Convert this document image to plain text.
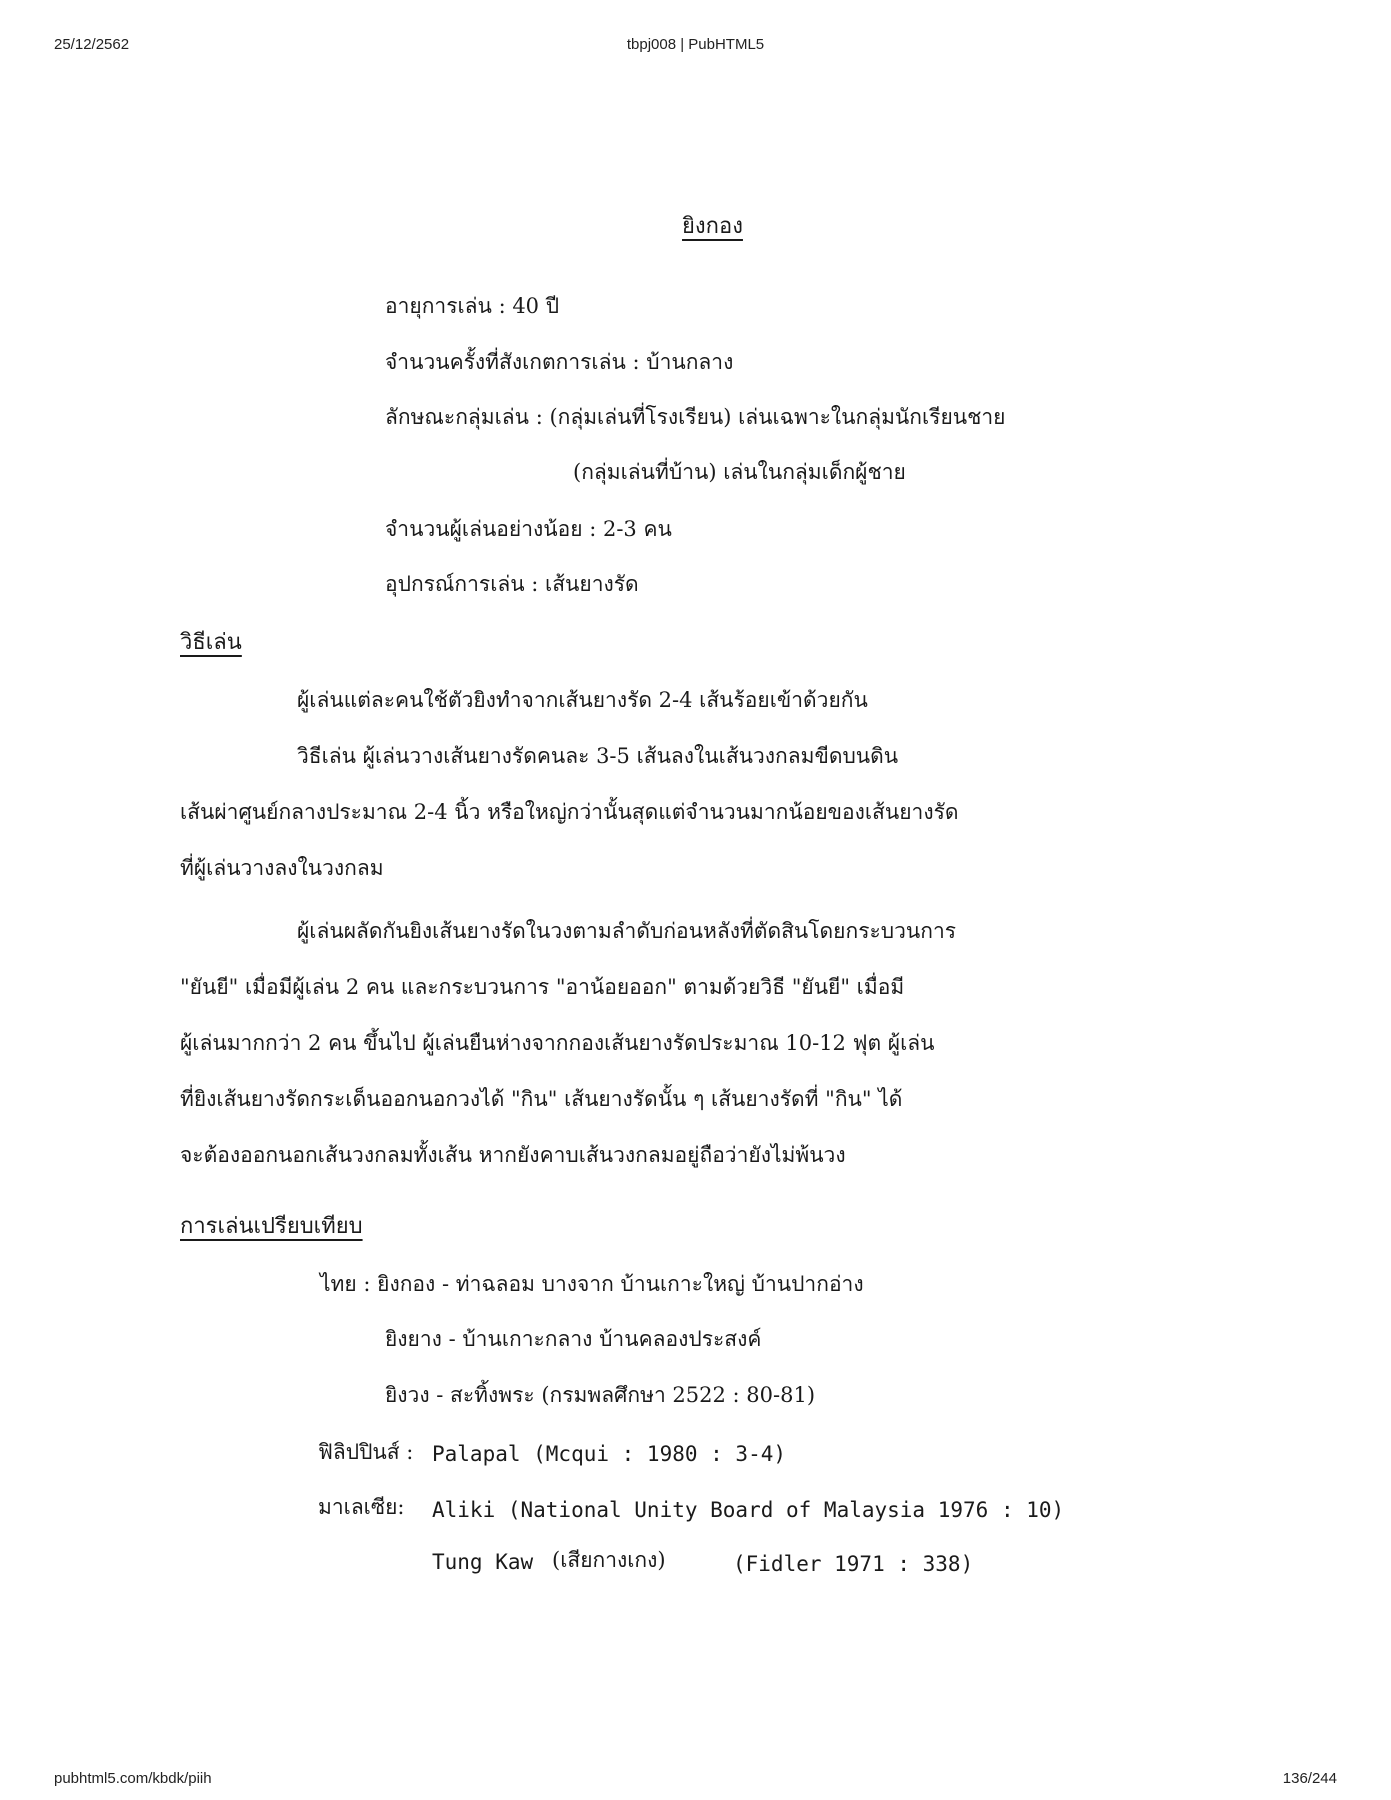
25/12/2562	tbpj008 | PubHTML5
ยิงกอง
อายุการเล่น : 40 ปี
จำนวนครั้งที่สังเกตการเล่น : บ้านกลาง
ลักษณะกลุ่มเล่น : (กลุ่มเล่นที่โรงเรียน) เล่นเฉพาะในกลุ่มนักเรียนชาย
(กลุ่มเล่นที่บ้าน) เล่นในกลุ่มเด็กผู้ชาย
จำนวนผู้เล่นอย่างน้อย : 2-3 คน
อุปกรณ์การเล่น : เส้นยางรัด
วิธีเล่น
ผู้เล่นแต่ละคนใช้ตัวยิงทำจากเส้นยางรัด 2-4 เส้นร้อยเข้าด้วยกัน
วิธีเล่น ผู้เล่นวางเส้นยางรัดคนละ 3-5 เส้นลงในเส้นวงกลมขีดบนดิน
เส้นผ่าศูนย์กลางประมาณ 2-4 นิ้ว หรือใหญ่กว่านั้นสุดแต่จำนวนมากน้อยของเส้นยางรัด
ที่ผู้เล่นวางลงในวงกลม
ผู้เล่นผลัดกันยิงเส้นยางรัดในวงตามลำดับก่อนหลังที่ตัดสินโดยกระบวนการ
"ยันยี" เมื่อมีผู้เล่น 2 คน และกระบวนการ "อาน้อยออก" ตามด้วยวิธี "ยันยี" เมื่อมี
ผู้เล่นมากกว่า 2 คน ขึ้นไป ผู้เล่นยืนห่างจากกองเส้นยางรัดประมาณ 10-12 ฟุต ผู้เล่น
ที่ยิงเส้นยางรัดกระเด็นออกนอกวงได้ "กิน" เส้นยางรัดนั้น ๆ เส้นยางรัดที่ "กิน" ได้
จะต้องออกนอกเส้นวงกลมทั้งเส้น หากยังคาบเส้นวงกลมอยู่ถือว่ายังไม่พ้นวง
การเล่นเปรียบเทียบ
ไทย : ยิงกอง - ท่าฉลอม บางจาก บ้านเกาะใหญ่ บ้านปากอ่าง
ยิงยาง - บ้านเกาะกลาง บ้านคลองประสงค์
ยิงวง - สะทิ้งพระ (กรมพลศึกษา 2522 : 80-81)
ฟิลิปปินส์ : Palapal (Mcqui : 1980 : 3-4)
มาเลเซีย: Aliki (National Unity Board of Malaysia 1976 : 10)
Tung Kaw (เสียกางเกง)	(Fidler 1971 : 338)
pubhtml5.com/kbdk/piih	136/244
